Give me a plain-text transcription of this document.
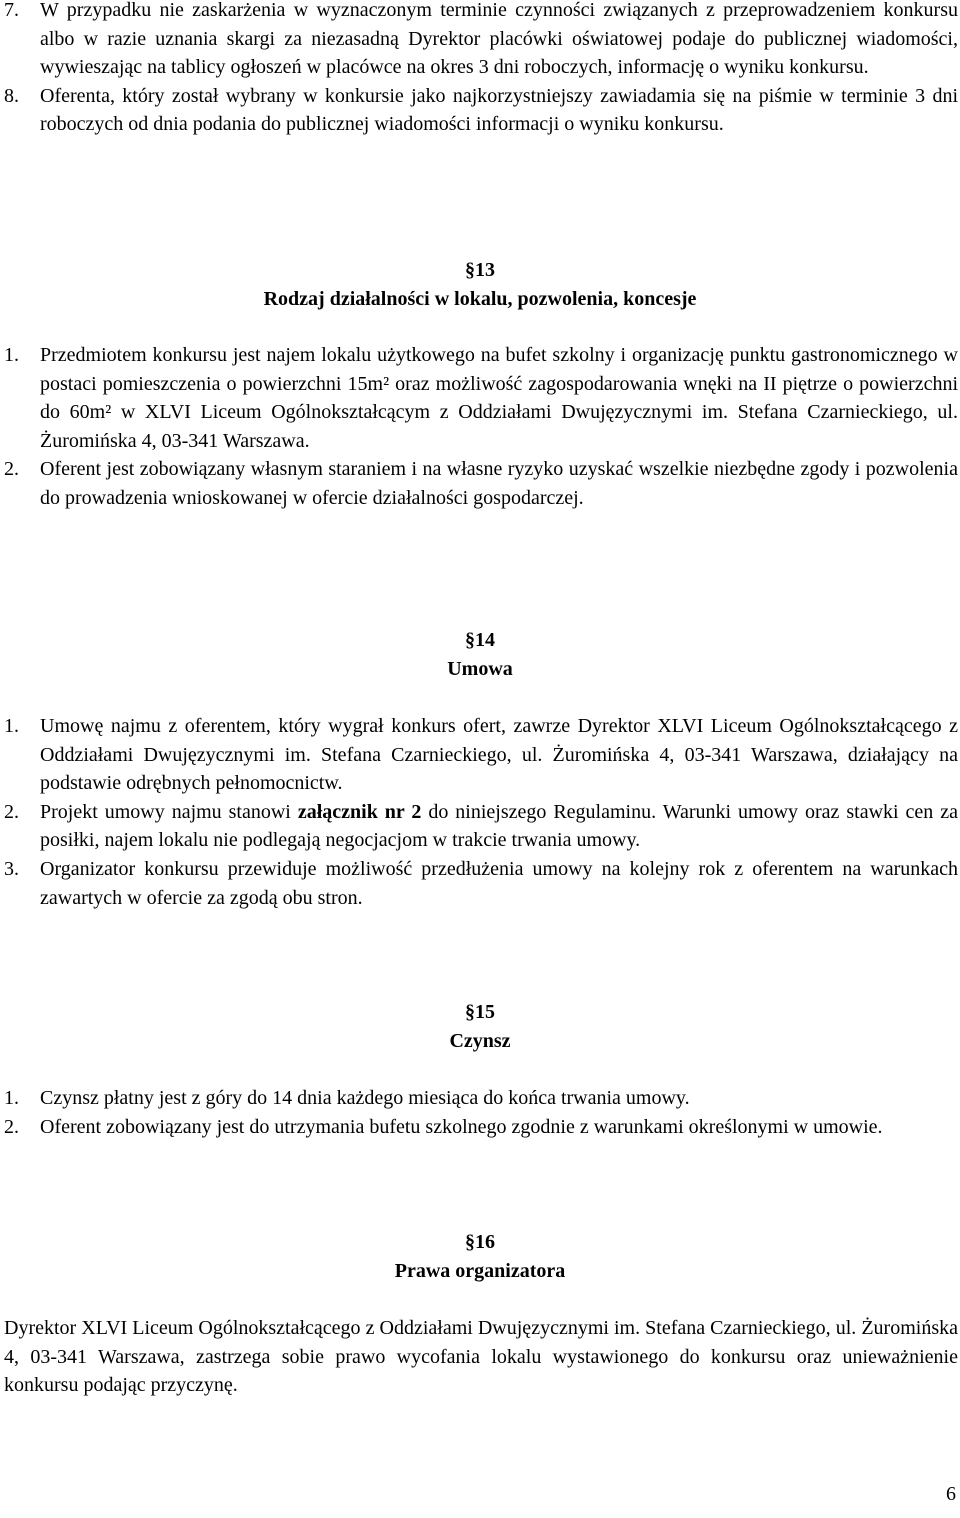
7. W przypadku nie zaskarżenia w wyznaczonym terminie czynności związanych z przeprowadzeniem konkursu albo w razie uznania skargi za niezasadną Dyrektor placówki oświatowej podaje do publicznej wiadomości, wywieszając na tablicy ogłoszeń w placówce na okres 3 dni roboczych, informację o wyniku konkursu.
8. Oferenta, który został wybrany w konkursie jako najkorzystniejszy zawiadamia się na piśmie w terminie 3 dni roboczych od dnia podania do publicznej wiadomości informacji o wyniku konkursu.
§13
Rodzaj działalności w lokalu, pozwolenia, koncesje
1. Przedmiotem konkursu jest najem lokalu użytkowego na bufet szkolny i organizację punktu gastronomicznego w postaci pomieszczenia o powierzchni 15m² oraz możliwość zagospodarowania wnęki na II piętrze o powierzchni do 60m² w XLVI Liceum Ogólnokształcącym z Oddziałami Dwujęzycznymi im. Stefana Czarnieckiego, ul. Żuromińska 4, 03-341 Warszawa.
2. Oferent jest zobowiązany własnym staraniem i na własne ryzyko uzyskać wszelkie niezbędne zgody i pozwolenia do prowadzenia wnioskowanej w ofercie działalności gospodarczej.
§14
Umowa
1. Umowę najmu z oferentem, który wygrał konkurs ofert, zawrze Dyrektor XLVI Liceum Ogólnokształcącego z Oddziałami Dwujęzycznymi im. Stefana Czarnieckiego, ul. Żuromińska 4, 03-341 Warszawa, działający na podstawie odrębnych pełnomocnictw.
2. Projekt umowy najmu stanowi załącznik nr 2 do niniejszego Regulaminu. Warunki umowy oraz stawki cen za posiłki, najem lokalu nie podlegają negocjacjom w trakcie trwania umowy.
3. Organizator konkursu przewiduje możliwość przedłużenia umowy na kolejny rok z oferentem na warunkach zawartych w ofercie za zgodą obu stron.
§15
Czynsz
1. Czynsz płatny jest z góry do 14 dnia każdego miesiąca do końca trwania umowy.
2. Oferent zobowiązany jest do utrzymania bufetu szkolnego zgodnie z warunkami określonymi w umowie.
§16
Prawa organizatora
Dyrektor XLVI Liceum Ogólnokształcącego z Oddziałami Dwujęzycznymi im. Stefana Czarnieckiego, ul. Żuromińska 4, 03-341 Warszawa, zastrzega sobie prawo wycofania lokalu wystawionego do konkursu oraz unieważnienie konkursu podając przyczynę.
6
